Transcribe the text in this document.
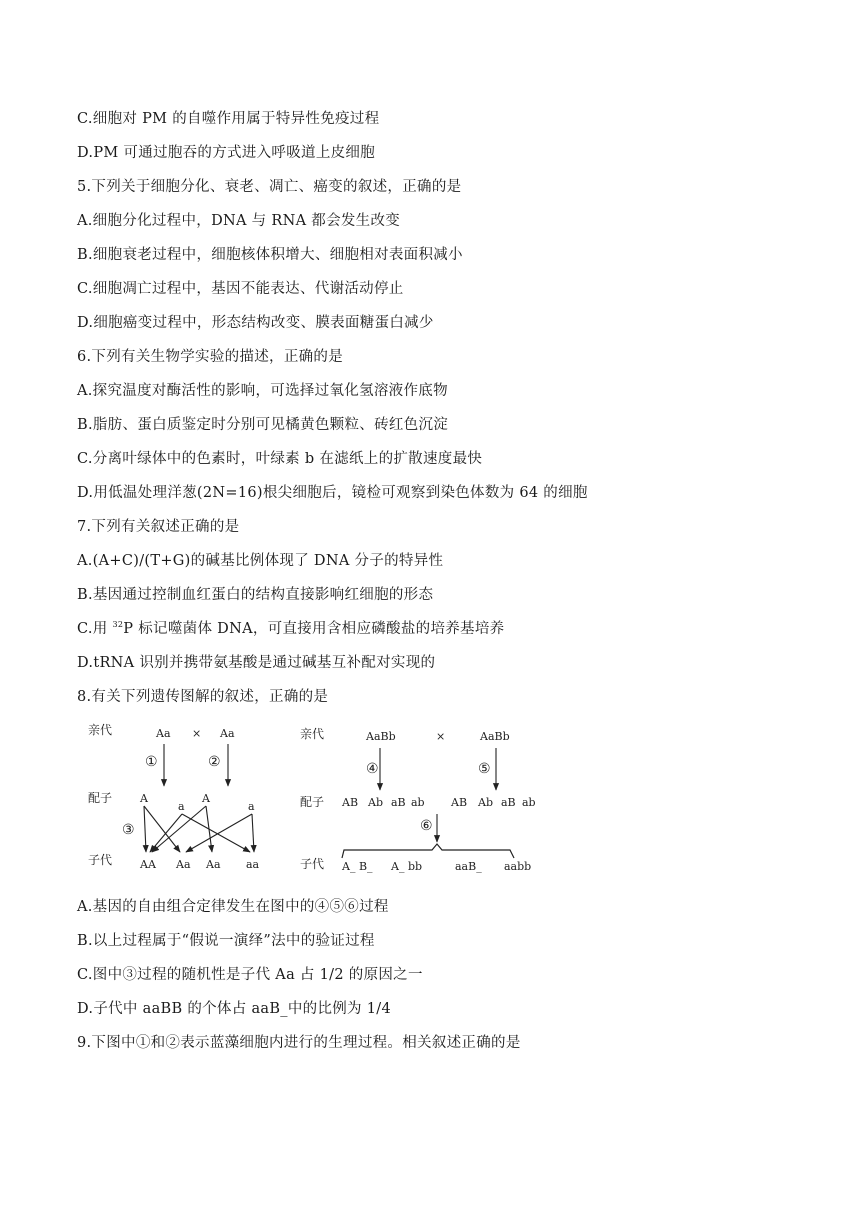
C.细胞对 PM 的自噬作用属于特异性免疫过程
D.PM 可通过胞吞的方式进入呼吸道上皮细胞
5.下列关于细胞分化、衰老、凋亡、癌变的叙述，正确的是
A.细胞分化过程中，DNA 与 RNA 都会发生改变
B.细胞衰老过程中，细胞核体积增大、细胞相对表面积减小
C.细胞凋亡过程中，基因不能表达、代谢活动停止
D.细胞癌变过程中，形态结构改变、膜表面糖蛋白减少
6.下列有关生物学实验的描述，正确的是
A.探究温度对酶活性的影响，可选择过氧化氢溶液作底物
B.脂肪、蛋白质鉴定时分别可见橘黄色颗粒、砖红色沉淀
C.分离叶绿体中的色素时，叶绿素 b 在滤纸上的扩散速度最快
D.用低温处理洋葱(2N=16)根尖细胞后，镜检可观察到染色体数为 64 的细胞
7.下列有关叙述正确的是
A.(A+C)/(T+G)的碱基比例体现了 DNA 分子的特异性
B.基因通过控制血红蛋白的结构直接影响红细胞的形态
C.用 $^{32}$P 标记噬菌体 DNA，可直接用含相应磷酸盐的培养基培养
D.tRNA 识别并携带氨基酸是通过碱基互补配对实现的
8.有关下列遗传图解的叙述，正确的是
亲代	Aa × Aa
①	②
配子	A
a
A
a
③
子代	AA Aa Aa aa
亲代	AaBb	×	AaBb
④	⑤
配子 AB Ab aB ab AB Ab aB ab
⑥
子代 A_ B_ A_ bb	aaB_ aabb
A.基因的自由组合定律发生在图中的④⑤⑥过程
B.以上过程属于“假说一演绎”法中的验证过程
C.图中③过程的随机性是子代 Aa 占 1/2 的原因之一
D.子代中 aaBB 的个体占 aaB_中的比例为 1/4
9.下图中①和②表示蓝藻细胞内进行的生理过程。相关叙述正确的是
